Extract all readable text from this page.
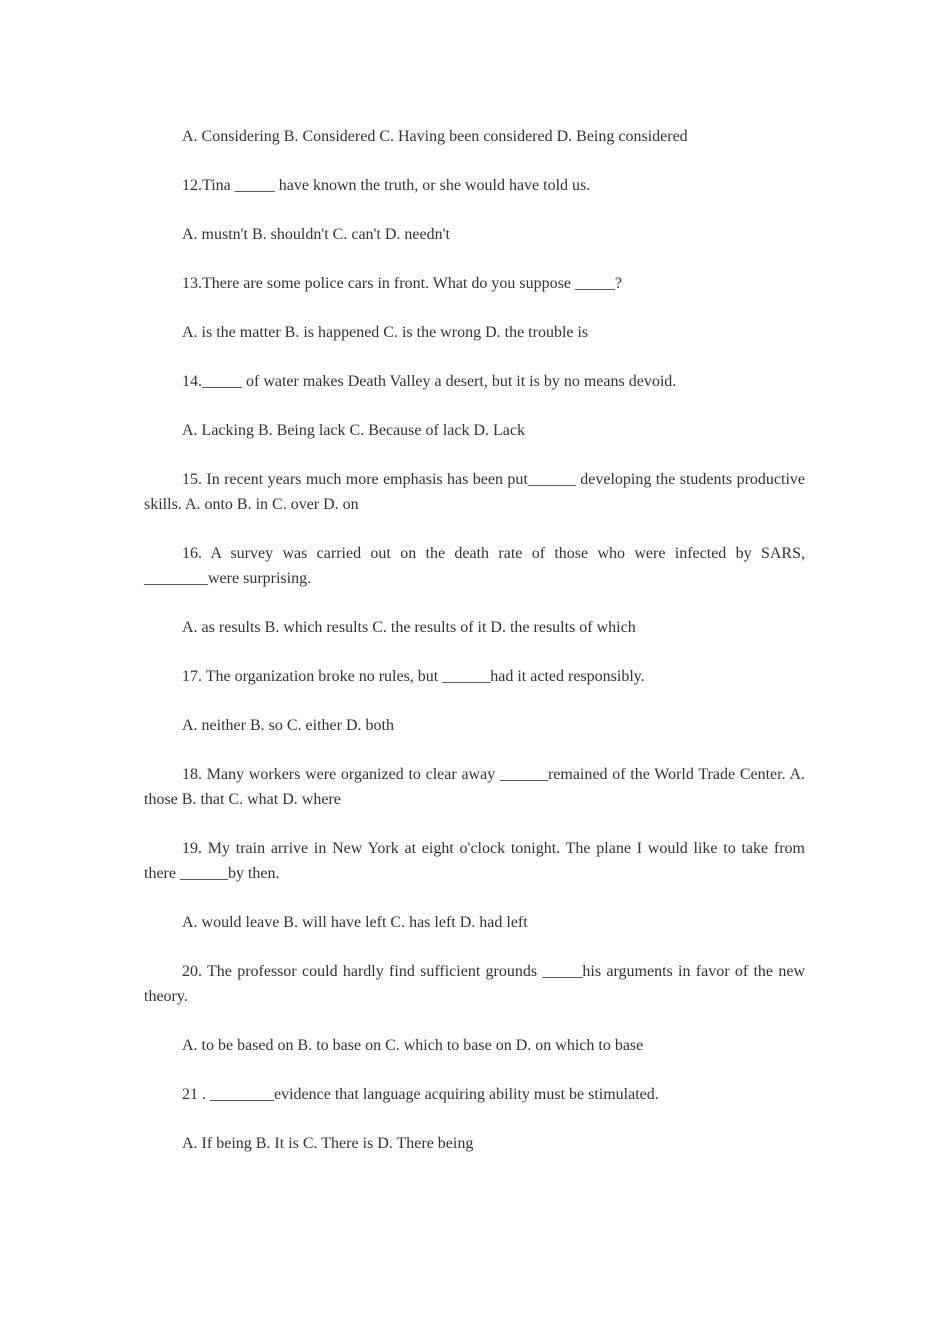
A. Considering B. Considered C. Having been considered D. Being considered

12.Tina _____ have known the truth, or she would have told us.

A. mustn't B. shouldn't C. can't D. needn't

13.There are some police cars in front. What do you suppose _____?

A. is the matter B. is happened C. is the wrong D. the trouble is

14._____ of water makes Death Valley a desert, but it is by no means devoid.

A. Lacking B. Being lack C. Because of lack D. Lack

15. In recent years much more emphasis has been put______ developing the students productive skills. A. onto B. in C. over D. on

16. A survey was carried out on the death rate of those who were infected by SARS, ________were surprising.

A. as results B. which results C. the results of it D. the results of which

17. The organization broke no rules, but ______had it acted responsibly.

A. neither B. so C. either D. both

18. Many workers were organized to clear away ______remained of the World Trade Center. A. those B. that C. what D. where

19. My train arrive in New York at eight o'clock tonight. The plane I would like to take from there ______by then.

A. would leave B. will have left C. has left D. had left

20. The professor could hardly find sufficient grounds _____his arguments in favor of the new theory.

A. to be based on B. to base on C. which to base on D. on which to base

21 . ________evidence that language acquiring ability must be stimulated.

A. If being B. It is C. There is D. There being
